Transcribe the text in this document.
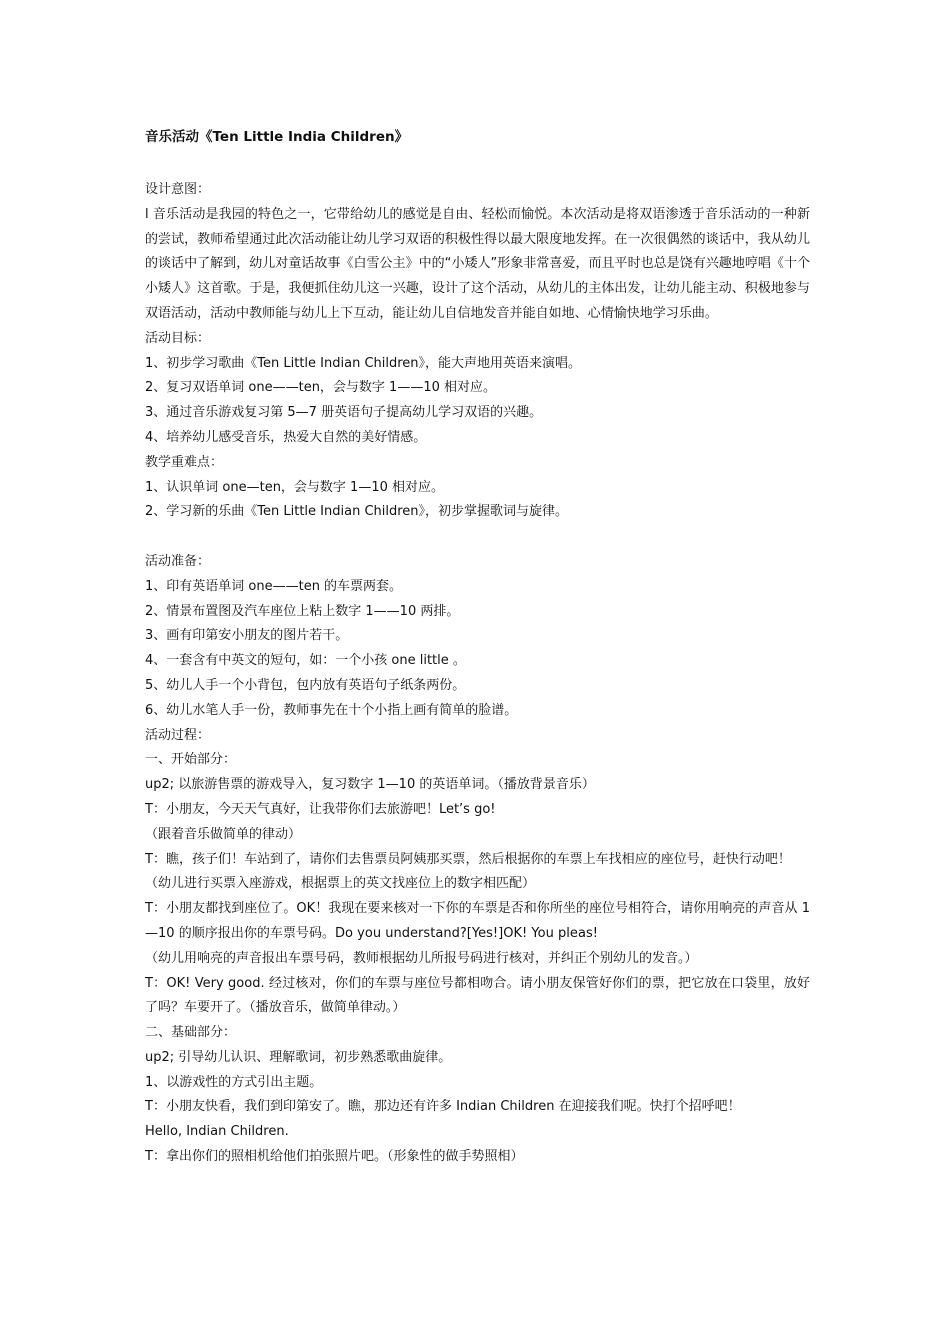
音乐活动《Ten Little India Children》
设计意图：
l 音乐活动是我园的特色之一，它带给幼儿的感觉是自由、轻松而愉悦。本次活动是将双语渗透于音乐活动的一种新的尝试，教师希望通过此次活动能让幼儿学习双语的积极性得以最大限度地发挥。在一次很偶然的谈话中，我从幼儿的谈话中了解到，幼儿对童话故事《白雪公主》中的“小矮人”形象非常喜爱，而且平时也总是饶有兴趣地哼唱《十个小矮人》这首歌。于是，我便抓住幼儿这一兴趣，设计了这个活动，从幼儿的主体出发，让幼儿能主动、积极地参与双语活动，活动中教师能与幼儿上下互动，能让幼儿自信地发音并能自如地、心情愉快地学习乐曲。
活动目标：
1、初步学习歌曲《Ten Little Indian Children》，能大声地用英语来演唱。
2、复习双语单词 one——ten，会与数字 1——10 相对应。
3、通过音乐游戏复习第 5—7 册英语句子提高幼儿学习双语的兴趣。
4、培养幼儿感受音乐，热爱大自然的美好情感。
教学重难点：
1、认识单词 one—ten，会与数字 1—10 相对应。
2、学习新的乐曲《Ten Little Indian Children》，初步掌握歌词与旋律。
活动准备：
1、印有英语单词 one——ten 的车票两套。
2、情景布置图及汽车座位上粘上数字 1——10 两排。
3、画有印第安小朋友的图片若干。
4、一套含有中英文的短句，如：一个小孩 one little 。
5、幼儿人手一个小背包，包内放有英语句子纸条两份。
6、幼儿水笔人手一份，教师事先在十个小指上画有简单的脸谱。
活动过程：
一、开始部分：
up2; 以旅游售票的游戏导入，复习数字 1—10 的英语单词。（播放背景音乐）
T：小朋友，今天天气真好，让我带你们去旅游吧！Let’s go!
（跟着音乐做简单的律动）
T：瞧，孩子们！车站到了，请你们去售票员阿姨那买票，然后根据你的车票上车找相应的座位号，赶快行动吧！
（幼儿进行买票入座游戏，根据票上的英文找座位上的数字相匹配）
T：小朋友都找到座位了。OK！我现在要来核对一下你的车票是否和你所坐的座位号相符合，请你用响亮的声音从 1—10 的顺序报出你的车票号码。Do you understand?[Yes!]OK! You pleas!
（幼儿用响亮的声音报出车票号码，教师根据幼儿所报号码进行核对，并纠正个别幼儿的发音。）
T：OK! Very good. 经过核对，你们的车票与座位号都相吻合。请小朋友保管好你们的票，把它放在口袋里，放好了吗？车要开了。（播放音乐，做简单律动。）
二、基础部分：
up2; 引导幼儿认识、理解歌词，初步熟悉歌曲旋律。
1、以游戏性的方式引出主题。
T：小朋友快看，我们到印第安了。瞧，那边还有许多 Indian Children 在迎接我们呢。快打个招呼吧！
Hello, Indian Children.
T：拿出你们的照相机给他们拍张照片吧。（形象性的做手势照相）
